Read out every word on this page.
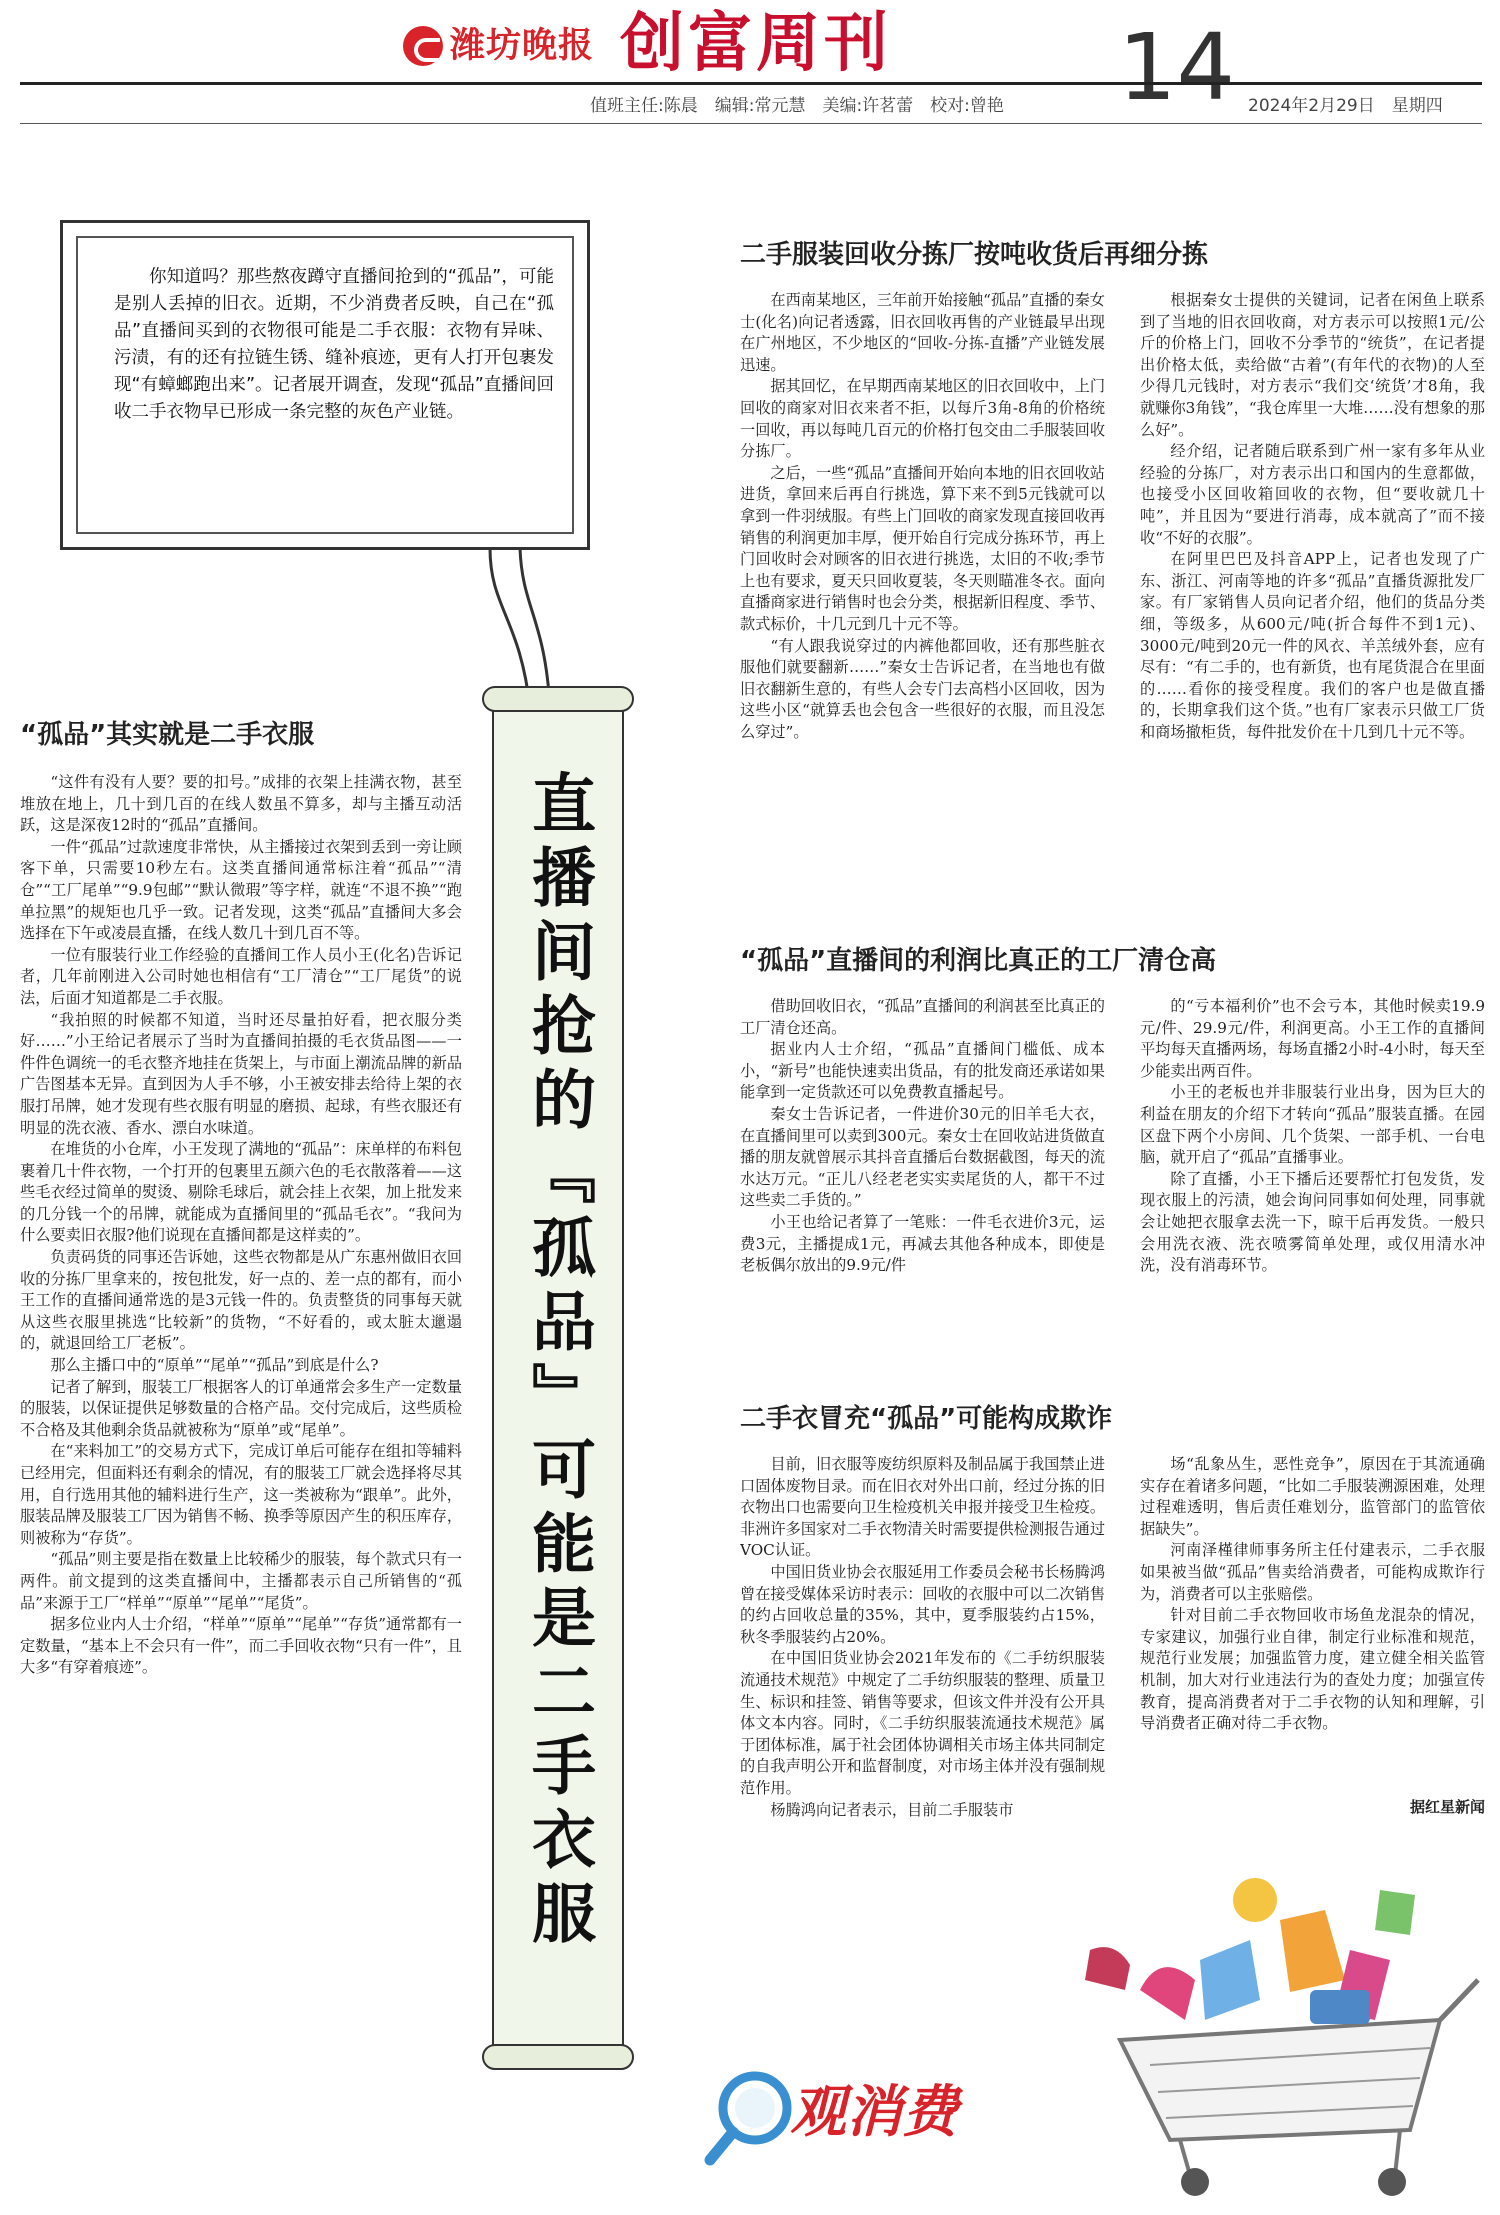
潍坊晚报 创富周刊	14
值班主任:陈晨　编辑:常元慧　美编:许茗蕾　校对:曾艳	2024年2月29日　星期四

你知道吗？那些熬夜蹲守直播间抢到的“孤品”，可能是别人丢掉的旧衣。近期，不少消费者反映，自己在“孤品”直播间买到的衣物很可能是二手衣服：衣物有异味、污渍，有的还有拉链生锈、缝补痕迹，更有人打开包裹发现“有蟑螂跑出来”。记者展开调查，发现“孤品”直播间回收二手衣物早已形成一条完整的灰色产业链。

直播间抢的『孤品』可能是二手衣服
“孤品”其实就是二手衣服

“这件有没有人要？要的扣号。”成排的衣架上挂满衣物，甚至堆放在地上，几十到几百的在线人数虽不算多，却与主播互动活跃，这是深夜12时的“孤品”直播间。

一件“孤品”过款速度非常快，从主播接过衣架到丢到一旁让顾客下单，只需要10秒左右。这类直播间通常标注着“孤品”“清仓”“工厂尾单”“9.9包邮”“默认微瑕”等字样，就连“不退不换”“跑单拉黑”的规矩也几乎一致。记者发现，这类“孤品”直播间大多会选择在下午或凌晨直播，在线人数几十到几百不等。

一位有服装行业工作经验的直播间工作人员小王(化名)告诉记者，几年前刚进入公司时她也相信有“工厂清仓”“工厂尾货”的说法，后面才知道都是二手衣服。

“我拍照的时候都不知道，当时还尽量拍好看，把衣服分类好……”小王给记者展示了当时为直播间拍摄的毛衣货品图——一件件色调统一的毛衣整齐地挂在货架上，与市面上潮流品牌的新品广告图基本无异。直到因为人手不够，小王被安排去给待上架的衣服打吊牌，她才发现有些衣服有明显的磨损、起球，有些衣服还有明显的洗衣液、香水、漂白水味道。

在堆货的小仓库，小王发现了满地的“孤品”：床单样的布料包裹着几十件衣物，一个打开的包裹里五颜六色的毛衣散落着——这些毛衣经过简单的熨烫、剔除毛球后，就会挂上衣架，加上批发来的几分钱一个的吊牌，就能成为直播间里的“孤品毛衣”。“我问为什么要卖旧衣服?他们说现在直播间都是这样卖的”。

负责码货的同事还告诉她，这些衣物都是从广东惠州做旧衣回收的分拣厂里拿来的，按包批发，好一点的、差一点的都有，而小王工作的直播间通常选的是3元钱一件的。负责整货的同事每天就从这些衣服里挑选“比较新”的货物，“不好看的，或太脏太邋遢的，就退回给工厂老板”。

那么主播口中的“原单”“尾单”“孤品”到底是什么?

记者了解到，服装工厂根据客人的订单通常会多生产一定数量的服装，以保证提供足够数量的合格产品。交付完成后，这些质检不合格及其他剩余货品就被称为“原单”或“尾单”。

在“来料加工”的交易方式下，完成订单后可能存在组扣等辅料已经用完，但面料还有剩余的情况，有的服装工厂就会选择将尽其用，自行选用其他的辅料进行生产，这一类被称为“跟单”。此外，服装品牌及服装工厂因为销售不畅、换季等原因产生的积压库存，则被称为“存货”。

“孤品”则主要是指在数量上比较稀少的服装，每个款式只有一两件。前文提到的这类直播间中，主播都表示自己所销售的“孤品”来源于工厂“样单”“原单”“尾单”“尾货”。

据多位业内人士介绍，“样单”“原单”“尾单”“存货”通常都有一定数量，“基本上不会只有一件”，而二手回收衣物“只有一件”，且大多“有穿着痕迹”。

二手服装回收分拣厂按吨收货后再细分拣

在西南某地区，三年前开始接触“孤品”直播的秦女士(化名)向记者透露，旧衣回收再售的产业链最早出现在广州地区，不少地区的“回收-分拣-直播”产业链发展迅速。

据其回忆，在早期西南某地区的旧衣回收中，上门回收的商家对旧衣来者不拒，以每斤3角-8角的价格统一回收，再以每吨几百元的价格打包交由二手服装回收分拣厂。

之后，一些“孤品”直播间开始向本地的旧衣回收站进货，拿回来后再自行挑选，算下来不到5元钱就可以拿到一件羽绒服。有些上门回收的商家发现直接回收再销售的利润更加丰厚，便开始自行完成分拣环节，再上门回收时会对顾客的旧衣进行挑选，太旧的不收;季节上也有要求，夏天只回收夏装，冬天则瞄准冬衣。面向直播商家进行销售时也会分类，根据新旧程度、季节、款式标价，十几元到几十元不等。

“有人跟我说穿过的内裤他都回收，还有那些脏衣服他们就要翻新……”秦女士告诉记者，在当地也有做旧衣翻新生意的，有些人会专门去高档小区回收，因为这些小区“就算丢也会包含一些很好的衣服，而且没怎么穿过”。

根据秦女士提供的关键词，记者在闲鱼上联系到了当地的旧衣回收商，对方表示可以按照1元/公斤的价格上门，回收不分季节的“统货”，在记者提出价格太低，卖给做“古着”(有年代的衣物)的人至少得几元钱时，对方表示“我们交‘统货’才8角，我就赚你3角钱”，“我仓库里一大堆……没有想象的那么好”。

经介绍，记者随后联系到广州一家有多年从业经验的分拣厂，对方表示出口和国内的生意都做，也接受小区回收箱回收的衣物，但“要收就几十吨”，并且因为“要进行消毒，成本就高了”而不接收“不好的衣服”。

在阿里巴巴及抖音APP上，记者也发现了广东、浙江、河南等地的许多“孤品”直播货源批发厂家。有厂家销售人员向记者介绍，他们的货品分类细，等级多，从600元/吨(折合每件不到1元)、3000元/吨到20元一件的风衣、羊羔绒外套，应有尽有：“有二手的，也有新货，也有尾货混合在里面的……看你的接受程度。我们的客户也是做直播的，长期拿我们这个货。”也有厂家表示只做工厂货和商场撤柜货，每件批发价在十几到几十元不等。

“孤品”直播间的利润比真正的工厂清仓高

借助回收旧衣，“孤品”直播间的利润甚至比真正的工厂清仓还高。

据业内人士介绍，“孤品”直播间门槛低、成本小，“新号”也能快速卖出货品，有的批发商还承诺如果能拿到一定货款还可以免费教直播起号。

秦女士告诉记者，一件进价30元的旧羊毛大衣，在直播间里可以卖到300元。秦女士在回收站进货做直播的朋友就曾展示其抖音直播后台数据截图，每天的流水达万元。“正儿八经老老实实卖尾货的人，都干不过这些卖二手货的。”

小王也给记者算了一笔账：一件毛衣进价3元，运费3元，主播提成1元，再减去其他各种成本，即使是老板偶尔放出的9.9元/件

的“亏本福利价”也不会亏本，其他时候卖19.9元/件、29.9元/件，利润更高。小王工作的直播间平均每天直播两场，每场直播2小时-4小时，每天至少能卖出两百件。

小王的老板也并非服装行业出身，因为巨大的利益在朋友的介绍下才转向“孤品”服装直播。在园区盘下两个小房间、几个货架、一部手机、一台电脑，就开启了“孤品”直播事业。

除了直播，小王下播后还要帮忙打包发货，发现衣服上的污渍，她会询问同事如何处理，同事就会让她把衣服拿去洗一下，晾干后再发货。一般只会用洗衣液、洗衣喷雾简单处理，或仅用清水冲洗，没有消毒环节。

二手衣冒充“孤品”可能构成欺诈

目前，旧衣服等废纺织原料及制品属于我国禁止进口固体废物目录。而在旧衣对外出口前，经过分拣的旧衣物出口也需要向卫生检疫机关申报并接受卫生检疫。非洲许多国家对二手衣物清关时需要提供检测报告通过VOC认证。

中国旧货业协会衣服延用工作委员会秘书长杨腾鸿曾在接受媒体采访时表示：回收的衣服中可以二次销售的约占回收总量的35%，其中，夏季服装约占15%，秋冬季服装约占20%。

在中国旧货业协会2021年发布的《二手纺织服装流通技术规范》中规定了二手纺织服装的整理、质量卫生、标识和挂签、销售等要求，但该文件并没有公开具体文本内容。同时，《二手纺织服装流通技术规范》属于团体标准，属于社会团体协调相关市场主体共同制定的自我声明公开和监督制度，对市场主体并没有强制规范作用。

杨腾鸿向记者表示，目前二手服装市

场“乱象丛生，恶性竞争”，原因在于其流通确实存在着诸多问题，“比如二手服装溯源困难，处理过程难透明，售后责任难划分，监管部门的监管依据缺失”。

河南泽槿律师事务所主任付建表示，二手衣服如果被当做“孤品”售卖给消费者，可能构成欺诈行为，消费者可以主张赔偿。

针对目前二手衣物回收市场鱼龙混杂的情况，专家建议，加强行业自律，制定行业标准和规范，规范行业发展；加强监管力度，建立健全相关监管机制，加大对行业违法行为的查处力度；加强宣传教育，提高消费者对于二手衣物的认知和理解，引导消费者正确对待二手衣物。

据红星新闻
观消费
